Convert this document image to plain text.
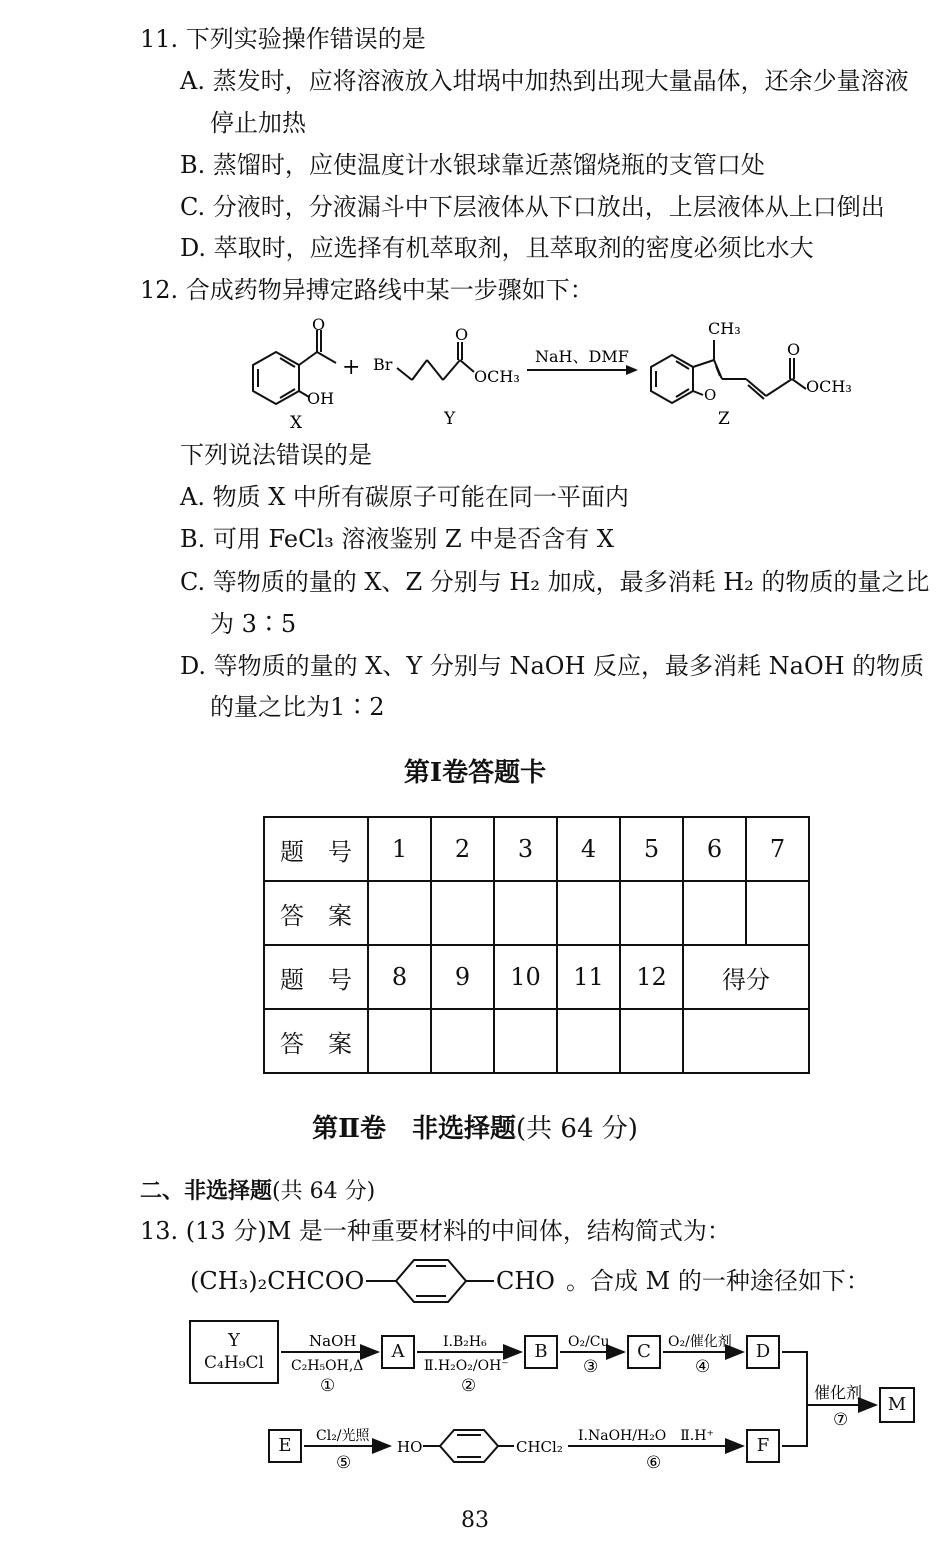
11. 下列实验操作错误的是
A. 蒸发时，应将溶液放入坩埚中加热到出现大量晶体，还余少量溶液
停止加热
B. 蒸馏时，应使温度计水银球靠近蒸馏烧瓶的支管口处
C. 分液时，分液漏斗中下层液体从下口放出，上层液体从上口倒出
D. 萃取时，应选择有机萃取剂，且萃取剂的密度必须比水大
12. 合成药物异搏定路线中某一步骤如下：
O
OH
X
+ Br
O
OCH₃
Y
NaH、DMF
O
CH₃
O
OCH₃
Z
下列说法错误的是
A. 物质 X 中所有碳原子可能在同一平面内
B. 可用 FeCl₃ 溶液鉴别 Z 中是否含有 X
C. 等物质的量的 X、Z 分别与 H₂ 加成，最多消耗 H₂ 的物质的量之比
为 3∶5
D. 等物质的量的 X、Y 分别与 NaOH 反应，最多消耗 NaOH 的物质
的量之比为1∶2
第Ⅰ卷答题卡
题　号	1	2	3	4	5	6	7
答　案							
题　号	8	9	10	11	12	得分	
答　案							
第Ⅱ卷　非选择题(共 64 分)
二、非选择题(共 64 分)
13. (13 分)M 是一种重要材料的中间体，结构简式为：
(CH₃)₂CHCOO	CHO 。合成 M 的一种途径如下：
Y
C₄H₉Cl
A	B	C	D
E	F
M
NaOH
C₂H₅OH,Δ
①
Ⅰ.B₂H₆
Ⅱ.H₂O₂/OH⁻
②
O₂/Cu
③
O₂/催化剂
④
Cl₂/光照
⑤
HO	CHCl₂
Ⅰ.NaOH/H₂O　Ⅱ.H⁺
⑥
催化剂
⑦
83
